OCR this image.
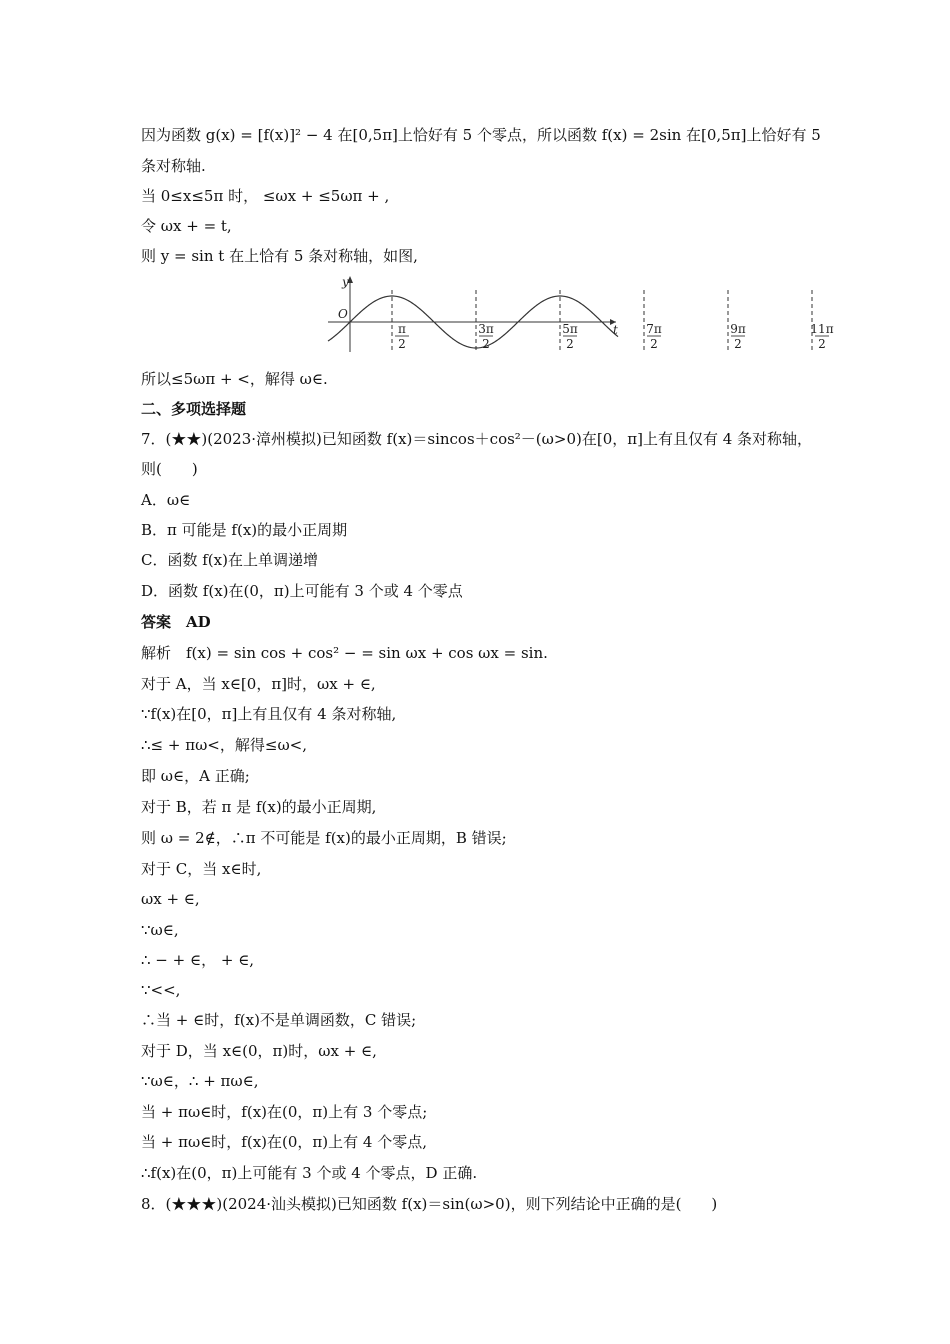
因为函数 g(x) = [f(x)]² − 4 在[0,5π]上恰好有 5 个零点，所以函数 f(x) = 2sin 在[0,5π]上恰好有 5
条对称轴.
当 0≤x≤5π 时， ≤ωx + ≤5ωπ + ,
令 ωx + = t,
则 y = sin t 在上恰有 5 条对称轴，如图,
y
t
O
π
2
3π
2
5π
2
7π
2
9π
2
11π
2
所以≤5ωπ + <，解得 ω∈.
二、多项选择题
7．(★★)(2023·漳州模拟)已知函数 f(x)＝sincos＋cos²－(ω>0)在[0，π]上有且仅有 4 条对称轴，
则(　　)
A．ω∈
B．π 可能是 f(x)的最小正周期
C．函数 f(x)在上单调递增
D．函数 f(x)在(0，π)上可能有 3 个或 4 个零点
答案　AD
解析　f(x) = sin cos + cos² − = sin ωx + cos ωx = sin.
对于 A，当 x∈[0，π]时，ωx + ∈,
∵f(x)在[0，π]上有且仅有 4 条对称轴,
∴≤ + πω<，解得≤ω<,
即 ω∈，A 正确;
对于 B，若 π 是 f(x)的最小正周期,
则 ω = 2∉，∴π 不可能是 f(x)的最小正周期，B 错误;
对于 C，当 x∈时,
ωx + ∈,
∵ω∈,
∴ − + ∈， + ∈,
∵<<,
∴当 + ∈时，f(x)不是单调函数，C 错误;
对于 D，当 x∈(0，π)时，ωx + ∈,
∵ω∈，∴ + πω∈,
当 + πω∈时，f(x)在(0，π)上有 3 个零点;
当 + πω∈时，f(x)在(0，π)上有 4 个零点,
∴f(x)在(0，π)上可能有 3 个或 4 个零点，D 正确.
8．(★★★)(2024·汕头模拟)已知函数 f(x)＝sin(ω>0)，则下列结论中正确的是(　　)
